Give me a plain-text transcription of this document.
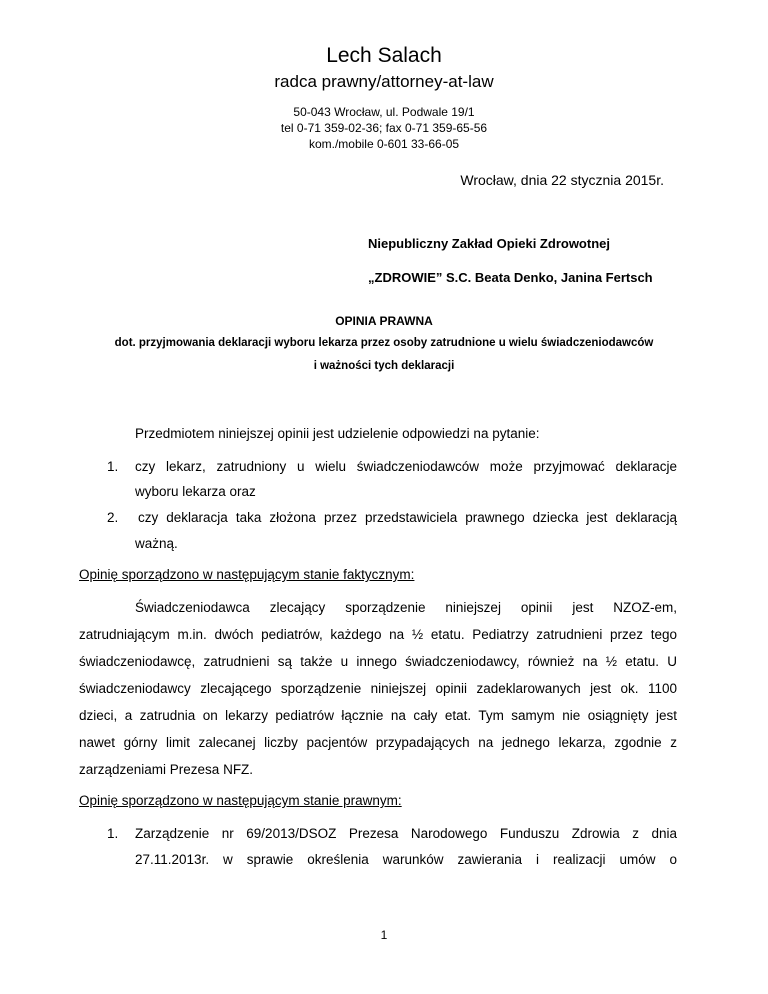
Lech Salach
radca prawny/attorney-at-law
50-043 Wrocław, ul. Podwale 19/1
tel 0-71 359-02-36; fax 0-71 359-65-56
kom./mobile 0-601 33-66-05
Wrocław, dnia 22 stycznia 2015r.
Niepubliczny Zakład Opieki Zdrowotnej
„ZDROWIE” S.C. Beata Denko, Janina Fertsch
OPINIA PRAWNA
dot. przyjmowania deklaracji wyboru lekarza przez osoby zatrudnione u wielu świadczeniodawców
i ważności tych deklaracji
Przedmiotem niniejszej opinii jest udzielenie odpowiedzi na pytanie:
1. czy lekarz, zatrudniony u wielu świadczeniodawców może przyjmować deklaracje
wyboru lekarza oraz
2. czy deklaracja taka złożona przez przedstawiciela prawnego dziecka jest deklaracją
ważną.
Opinię sporządzono w następującym stanie faktycznym:
Świadczeniodawca zlecający sporządzenie niniejszej opinii jest NZOZ-em,
zatrudniającym m.in. dwóch pediatrów, każdego na ½ etatu. Pediatrzy zatrudnieni przez tego
świadczeniodawcę, zatrudnieni są także u innego świadczeniodawcy, również na ½ etatu. U
świadczeniodawcy zlecającego sporządzenie niniejszej opinii zadeklarowanych jest ok. 1100
dzieci, a zatrudnia on lekarzy pediatrów łącznie na cały etat. Tym samym nie osiągnięty jest
nawet górny limit zalecanej liczby pacjentów przypadających na jednego lekarza, zgodnie z
zarządzeniami Prezesa NFZ.
Opinię sporządzono w następującym stanie prawnym:
1. Zarządzenie nr 69/2013/DSOZ Prezesa Narodowego Funduszu Zdrowia z dnia
27.11.2013r. w sprawie określenia warunków zawierania i realizacji umów o
1
